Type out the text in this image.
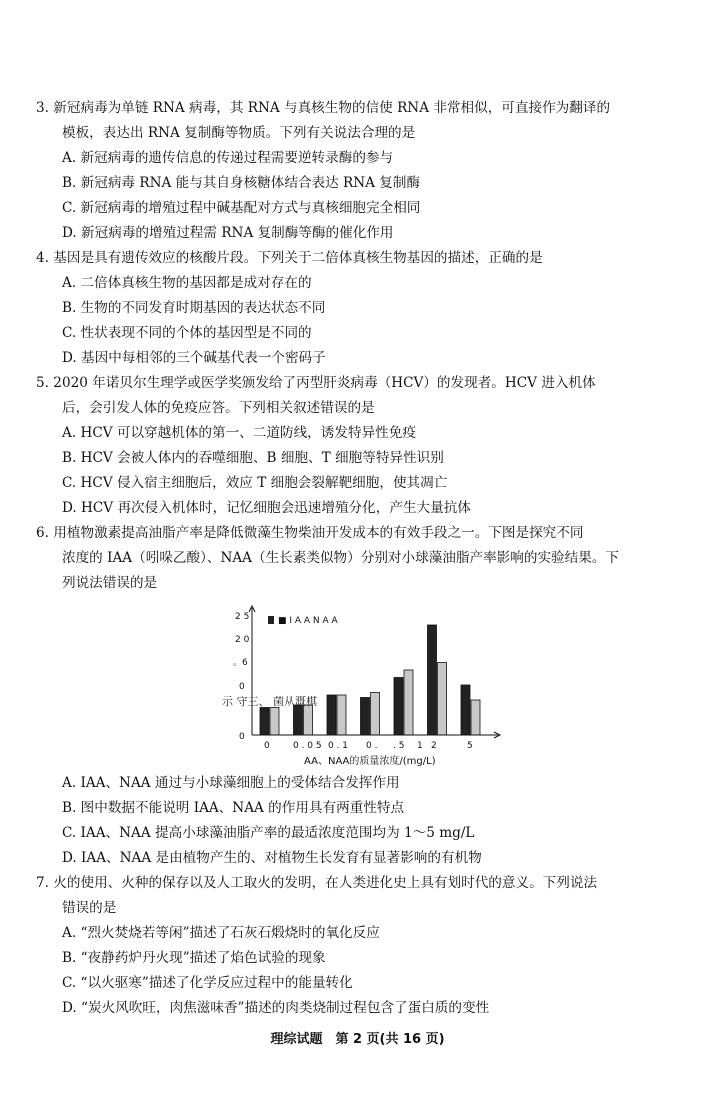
3. 新冠病毒为单链 RNA 病毒，其 RNA 与真核生物的信使 RNA 非常相似，可直接作为翻译的
模板，表达出 RNA 复制酶等物质。下列有关说法合理的是
A. 新冠病毒的遗传信息的传递过程需要逆转录酶的参与
B. 新冠病毒 RNA 能与其自身核糖体结合表达 RNA 复制酶
C. 新冠病毒的增殖过程中碱基配对方式与真核细胞完全相同
D. 新冠病毒的增殖过程需 RNA 复制酶等酶的催化作用
4. 基因是具有遗传效应的核酸片段。下列关于二倍体真核生物基因的描述，正确的是
A. 二倍体真核生物的基因都是成对存在的
B. 生物的不同发育时期基因的表达状态不同
C. 性状表现不同的个体的基因型是不同的
D. 基因中每相邻的三个碱基代表一个密码子
5. 2020 年诺贝尔生理学或医学奖颁发给了丙型肝炎病毒（HCV）的发现者。HCV 进入机体
后，会引发人体的免疫应答。下列相关叙述错误的是
A. HCV 可以穿越机体的第一、二道防线，诱发特异性免疫
B. HCV 会被人体内的吞噬细胞、B 细胞、T 细胞等特异性识别
C. HCV 侵入宿主细胞后，效应 T 细胞会裂解靶细胞，使其凋亡
D. HCV 再次侵入机体时，记忆细胞会迅速增殖分化，产生大量抗体
6. 用植物激素提高油脂产率是降低微藻生物柴油开发成本的有效手段之一。下图是探究不同
浓度的 IAA（吲哚乙酸）、NAA（生长素类似物）分别对小球藻油脂产率影响的实验结果。下
列说法错误的是
2 5
2 0
。6
0
0
示 守三、 菌从溉棋
■ I A A N A A
0	0 . 0 5 0 . 1 0 . . 5 1 2	5
AA、NAA的质量浓度/(mg/L)
A. IAA、NAA 通过与小球藻细胞上的受体结合发挥作用
B. 图中数据不能说明 IAA、NAA 的作用具有两重性特点
C. IAA、NAA 提高小球藻油脂产率的最适浓度范围均为 1～5 mg/L
D. IAA、NAA 是由植物产生的、对植物生长发育有显著影响的有机物
7. 火的使用、火种的保存以及人工取火的发明，在人类进化史上具有划时代的意义。下列说法
错误的是
A. “烈火焚烧若等闲”描述了石灰石煅烧时的氧化反应
B. “夜静药炉丹火现”描述了焰色试验的现象
C. “以火驱寒”描述了化学反应过程中的能量转化
D. “炭火风吹旺，肉焦滋味香”描述的肉类烧制过程包含了蛋白质的变性
理综试题　第 2 页(共 16 页)
